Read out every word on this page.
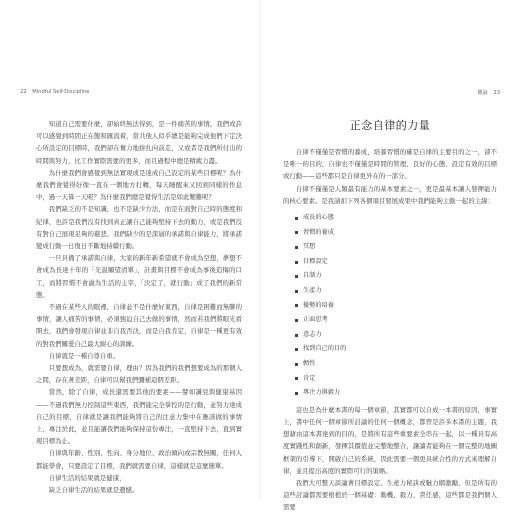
22 Mindful Self-Discipline

知道自己需要什麼，卻始終無法得到，是一件痛苦的事情。我們或許可以感覺到時間正在飽和匯流着，當共他人似乎總是能夠完成他們下定決心所設定的目標時，我們卻在奮力地拚扎向前走，又或者是我們所付出的時間與努力，比工作實際需要的更多，而且過程中總是精疲力盡。

為什麼我們會感覺到無法實現或是達成自己設定的某些目標呢？為什麼我們會覺得好像一直在一個地方打轉，每天睡醒來又回到同樣的作息中，過一天算一天呢？為什麼我們總是覺得生活是如此艱難呢？

我們缺乏的不是知識，也不是缺少方法，而是在面對自己時的態度和紀律，也許是我們沒有找到真正讓自己能夠堅持下去的動力，或是我們沒有對自己展現足夠的慈悲，我們缺少的是深層的承諾與自律能力，將承諾變成行動一日復日不斷地持續行動。

一旦具備了承諾與自律，大家的新年新希望就不會成為空想，夢想不會成為長達十年的「光説願望清單」，計畫與目標不會成為事後追悔的口工，而將習慣不會淪為生活的主宰，「決定了，就行動」成了我們的新常態。

不過在某些人的眼裡，自律並不是什麼好東西，自律是困難而無聊的事情，讓人痛苦的事情，必須強迫自己去做的事情，然而若我們將眼光看開去，我們會發現自律並非自我否決，而是自我肯定，自律是一種更有效的對我們關愛自己最大耐心的訓練。

自律就是一種自尊自重。

只要想成為，就需要自律，理由？因為我們的我們想要成為的那個人之間，存在著差距，自律可以幫我們彌補這個差距。

當然，除了自律，成長還需要其他的要素——譬如識見與健康基因——不過我們無力控制這些東西，我們能完全掌控的是行動，並努力達成自己的目標，自律就是讓我們能夠將自己的注意力集中在應該做的事情上，專注於此，並且能讓我們能夠保持這份專注，一直堅持下去，直到實現目標為止。

自律與年齡、性別、性向、身分地位、政治傾向或宗教無關，任何人都能學會，只要設定了目標，我們就需要自律，這樣就是這麼簡單。

自律生活的結果就是健康，

缺乏自律生活的結果就是遺憾。

概論 23
正念自律的力量

自律不僅僅是習慣的養成，培養習慣的確是自律的主要目的之一，卻不是唯一的目的，自律也不僅僅是時間的管理、良好的心態、設定有效的目標或行動——這些都只是自律更外在的一部分。

自律不僅僅是人類最有能力的基本要素之一，更是最基本讓人發揮能力的核心要素。是我請扣下列各個項目發展成果中我們能夠主動一起的主線：

成長的心態
習慣的養成
冥想
目標設定
自制力
生產力
優勢的培養
正面思考
意志力
找到自己的目的
韌性
肯定
專注力與毅力

這也是為什麼本書的每一個章節，其實都可以自成一本書的原因，事實上，書中任何一個章節所討論的任何一個概念，都曾是許多本書的主題，我想藉由這本書達到的目的，是將所有這些重要素全串在一起，以一種具有高度實踐性和創新，發揮其價值並完整地整合，讓讀者能夠在一個完整的地圖框架的引導下，開啟自己的系統，因此需要一個更具統合性的方式來理解自律，並且提出高度的實際可行的策略。

我們大可整天談論著目標設定、生產力秘訣或魅力網激勵，但是所有的這些討論都需要根植於一個基礎：動機、毅力、責任感，這些都是我們個人需要
